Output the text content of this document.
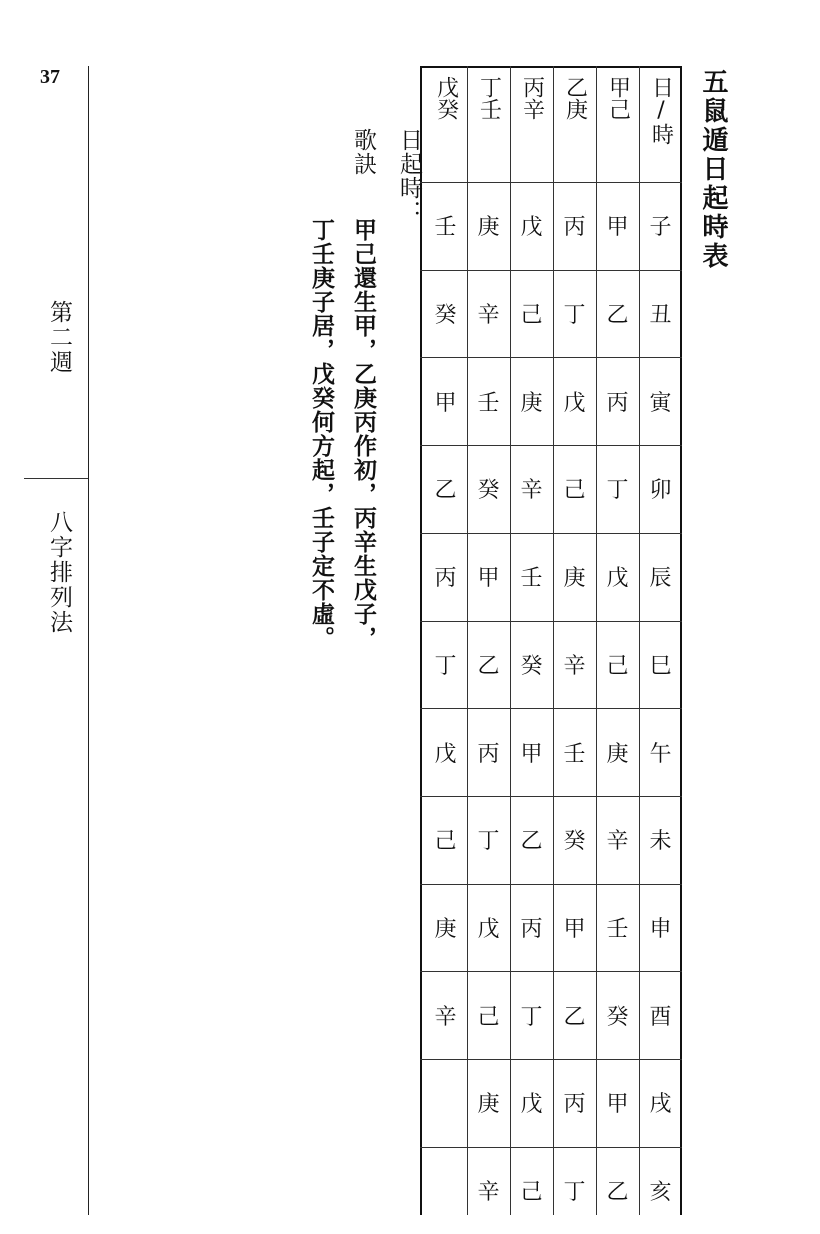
37
第二週
八字排列法
五鼠遁日起時表
日/時
甲己
乙庚
丙辛
丁壬
戊癸
子
丑
寅
卯
辰
巳
午
未
申
酉
戌
亥
甲
乙
丙
丁
戊
己
庚
辛
壬
癸
甲
乙
丙
丁
戊
己
庚
辛
壬
癸
甲
乙
丙
丁
戊
己
庚
辛
壬
癸
甲
乙
丙
丁
戊
己
庚
辛
壬
癸
甲
乙
丙
丁
戊
己
庚
辛
壬
癸
甲
乙
丙
丁
戊
己
庚
辛
日起時：
歌訣
甲己還生甲，乙庚丙作初，丙辛生戊子，
丁壬庚子居，戊癸何方起，壬子定不虛。
